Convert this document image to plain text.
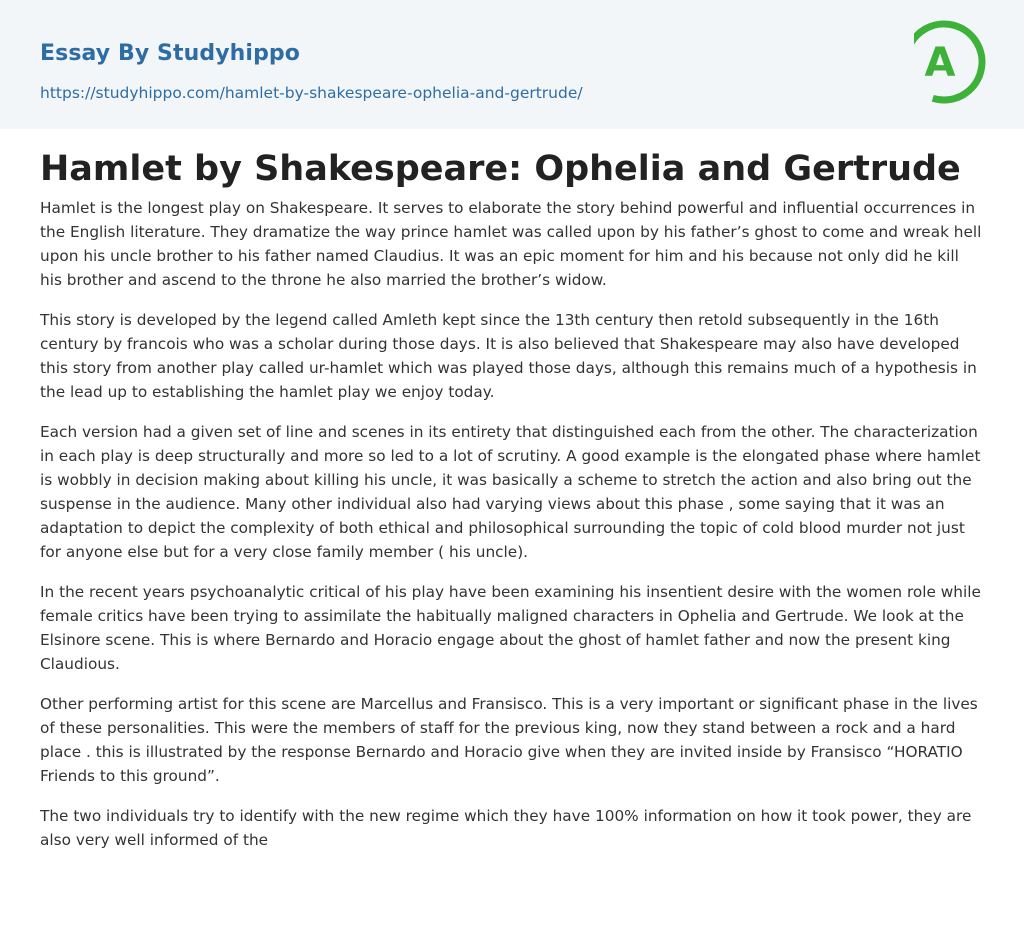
Essay By Studyhippo
https://studyhippo.com/hamlet-by-shakespeare-ophelia-and-gertrude/
A
Hamlet by Shakespeare: Ophelia and Gertrude

Hamlet is the longest play on Shakespeare. It serves to elaborate the story behind powerful and influential occurrences in the English literature. They dramatize the way prince hamlet was called upon by his father’s ghost to come and wreak hell upon his uncle brother to his father named Claudius. It was an epic moment for him and his because not only did he kill his brother and ascend to the throne he also married the brother’s widow.

This story is developed by the legend called Amleth kept since the 13th century then retold subsequently in the 16th century by francois who was a scholar during those days. It is also believed that Shakespeare may also have developed this story from another play called ur-hamlet which was played those days, although this remains much of a hypothesis in the lead up to establishing the hamlet play we enjoy today.

Each version had a given set of line and scenes in its entirety that distinguished each from the other. The characterization in each play is deep structurally and more so led to a lot of scrutiny. A good example is the elongated phase where hamlet is wobbly in decision making about killing his uncle, it was basically a scheme to stretch the action and also bring out the suspense in the audience. Many other individual also had varying views about this phase , some saying that it was an adaptation to depict the complexity of both ethical and philosophical surrounding the topic of cold blood murder not just for anyone else but for a very close family member ( his uncle).

In the recent years psychoanalytic critical of his play have been examining his insentient desire with the women role while female critics have been trying to assimilate the habitually maligned characters in Ophelia and Gertrude. We look at the Elsinore scene. This is where Bernardo and Horacio engage about the ghost of hamlet father and now the present king Claudious.

Other performing artist for this scene are Marcellus and Fransisco. This is a very important or significant phase in the lives of these personalities. This were the members of staff for the previous king, now they stand between a rock and a hard place . this is illustrated by the response Bernardo and Horacio give when they are invited inside by Fransisco “HORATIO
Friends to this ground”.

The two individuals try to identify with the new regime which they have 100% information on how it took power, they are also very well informed of the
